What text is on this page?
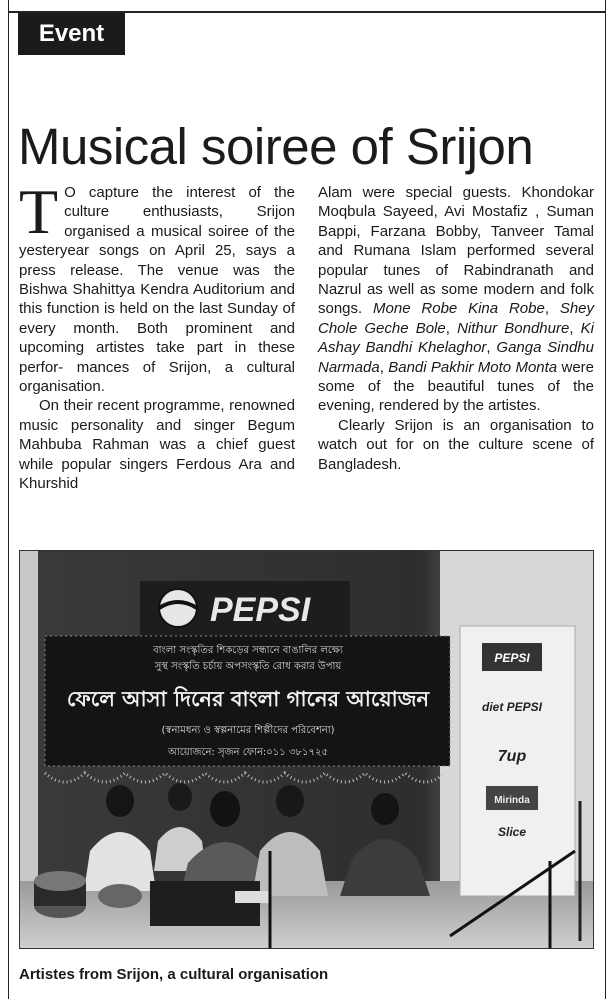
Event
Musical soiree of Srijon

T O capture the interest of the culture enthusiasts, Srijon organised a musical soiree of the yesteryear songs on April 25, says a press release. The venue was the Bishwa Shahittya Kendra Auditorium and this function is held on the last Sunday of every month. Both prominent and upcoming artistes take part in these perfor- mances of Srijon, a cultural organisation.

On their recent programme, renowned music personality and singer Begum Mahbuba Rahman was a chief guest while popular singers Ferdous Ara and Khurshid

Alam were special guests. Khondokar Moqbula Sayeed, Avi Mostafiz , Suman Bappi, Farzana Bobby, Tanveer Tamal and Rumana Islam performed several popular tunes of Rabindranath and Nazrul as well as some modern and folk songs. Mone Robe Kina Robe, Shey Chole Geche Bole, Nithur Bondhure, Ki Ashay Bandhi Khelaghor, Ganga Sindhu Narmada, Bandi Pakhir Moto Monta were some of the beautiful tunes of the evening, rendered by the artistes.

Clearly Srijon is an organisation to watch out for on the culture scene of Bangladesh.

PEPSI
বাংলা সংস্কৃতির শিকড়ের সন্ধানে বাঙালির লক্ষ্যে
সুস্থ সংস্কৃতি চর্চায় অপসংস্কৃতি রোধ করার উপায়
ফেলে আসা দিনের বাংলা গানের আয়োজন
(স্বনামধন্য ও স্বল্পনামের শিল্পীদের পরিবেশনা)
আয়োজনে: সৃজন ফোন:০১১ ৩৮১৭২৫
PEPSI
diet PEPSI
7up
Mirinda
Slice
Artistes from Srijon, a cultural organisation
